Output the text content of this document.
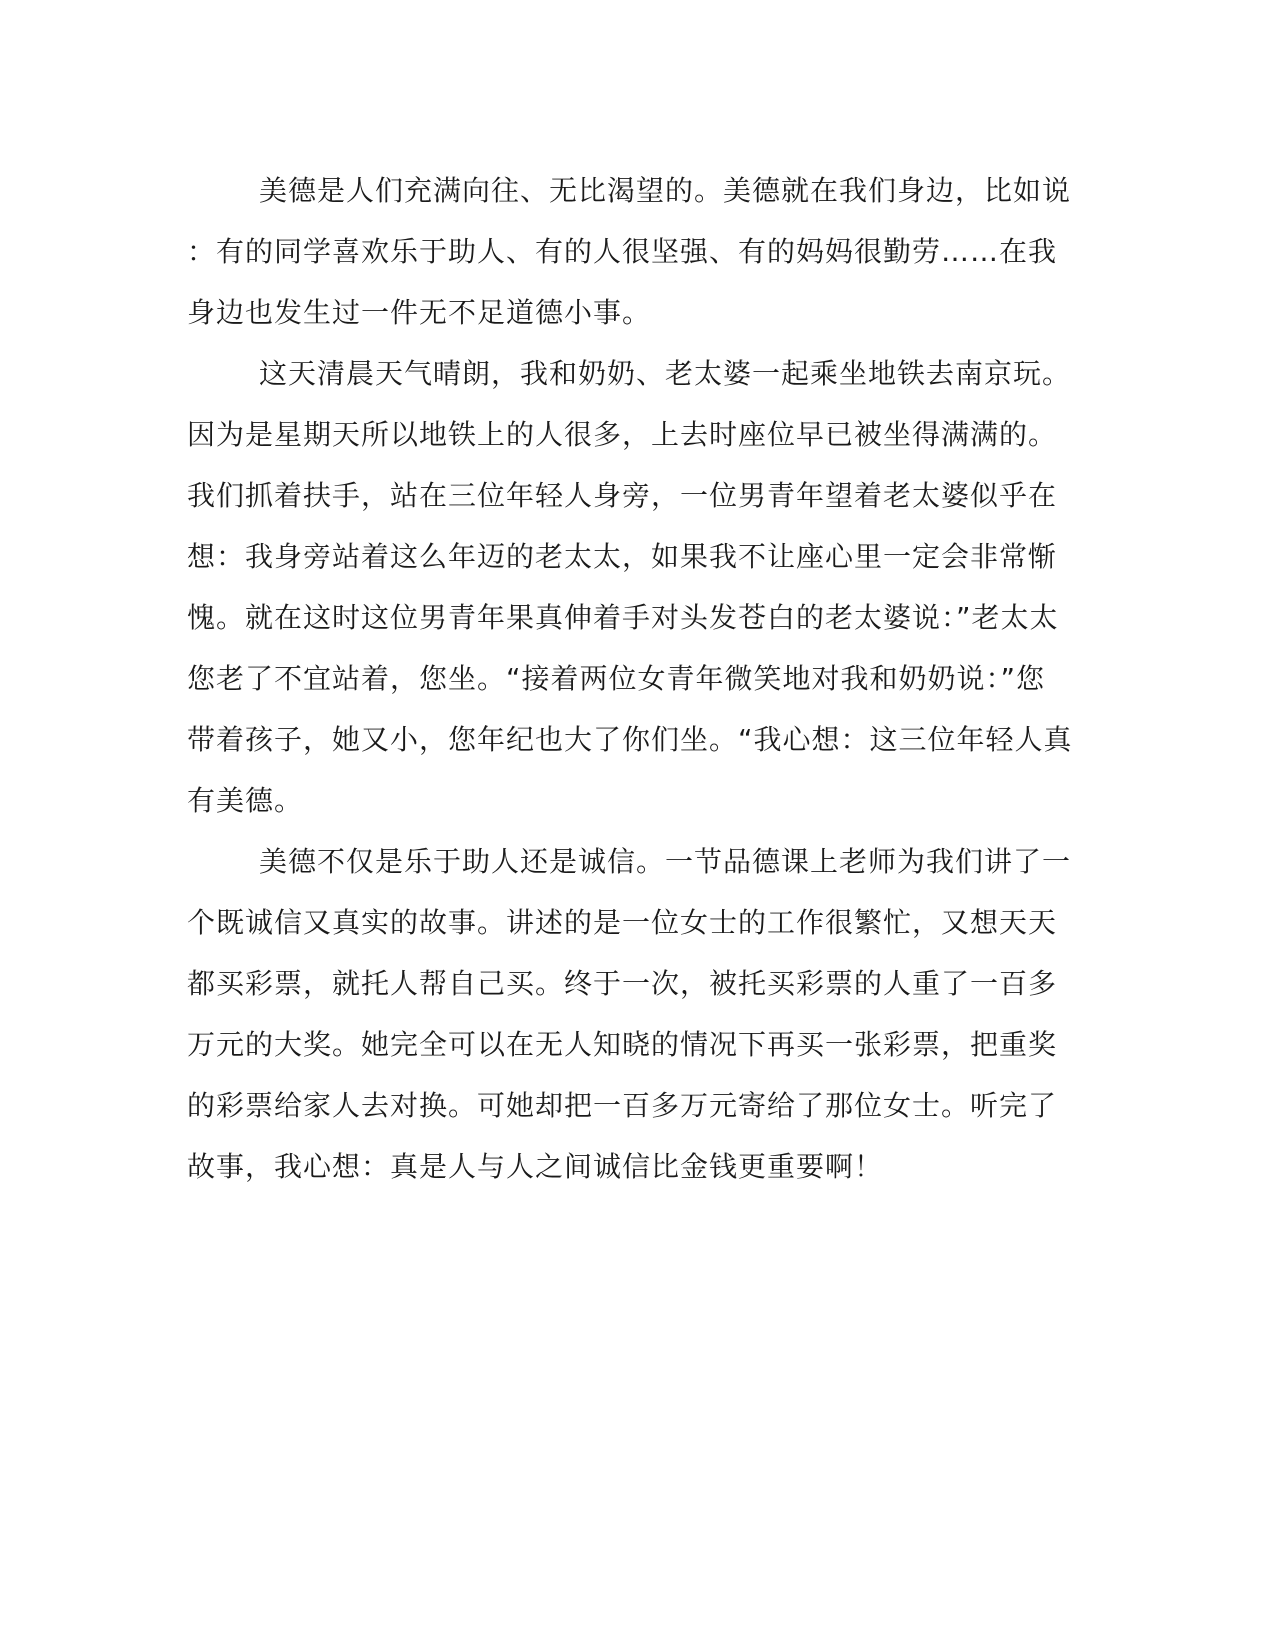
美德是人们充满向往、无比渴望的。美德就在我们身边，比如说
：有的同学喜欢乐于助人、有的人很坚强、有的妈妈很勤劳……在我
身边也发生过一件无不足道德小事。
这天清晨天气晴朗，我和奶奶、老太婆一起乘坐地铁去南京玩。
因为是星期天所以地铁上的人很多，上去时座位早已被坐得满满的。
我们抓着扶手，站在三位年轻人身旁，一位男青年望着老太婆似乎在
想：我身旁站着这么年迈的老太太，如果我不让座心里一定会非常惭
愧。就在这时这位男青年果真伸着手对头发苍白的老太婆说：”老太太
您老了不宜站着，您坐。“接着两位女青年微笑地对我和奶奶说：”您
带着孩子，她又小，您年纪也大了你们坐。“我心想：这三位年轻人真
有美德。
美德不仅是乐于助人还是诚信。一节品德课上老师为我们讲了一
个既诚信又真实的故事。讲述的是一位女士的工作很繁忙，又想天天
都买彩票，就托人帮自己买。终于一次，被托买彩票的人重了一百多
万元的大奖。她完全可以在无人知晓的情况下再买一张彩票，把重奖
的彩票给家人去对换。可她却把一百多万元寄给了那位女士。听完了
故事，我心想：真是人与人之间诚信比金钱更重要啊！
